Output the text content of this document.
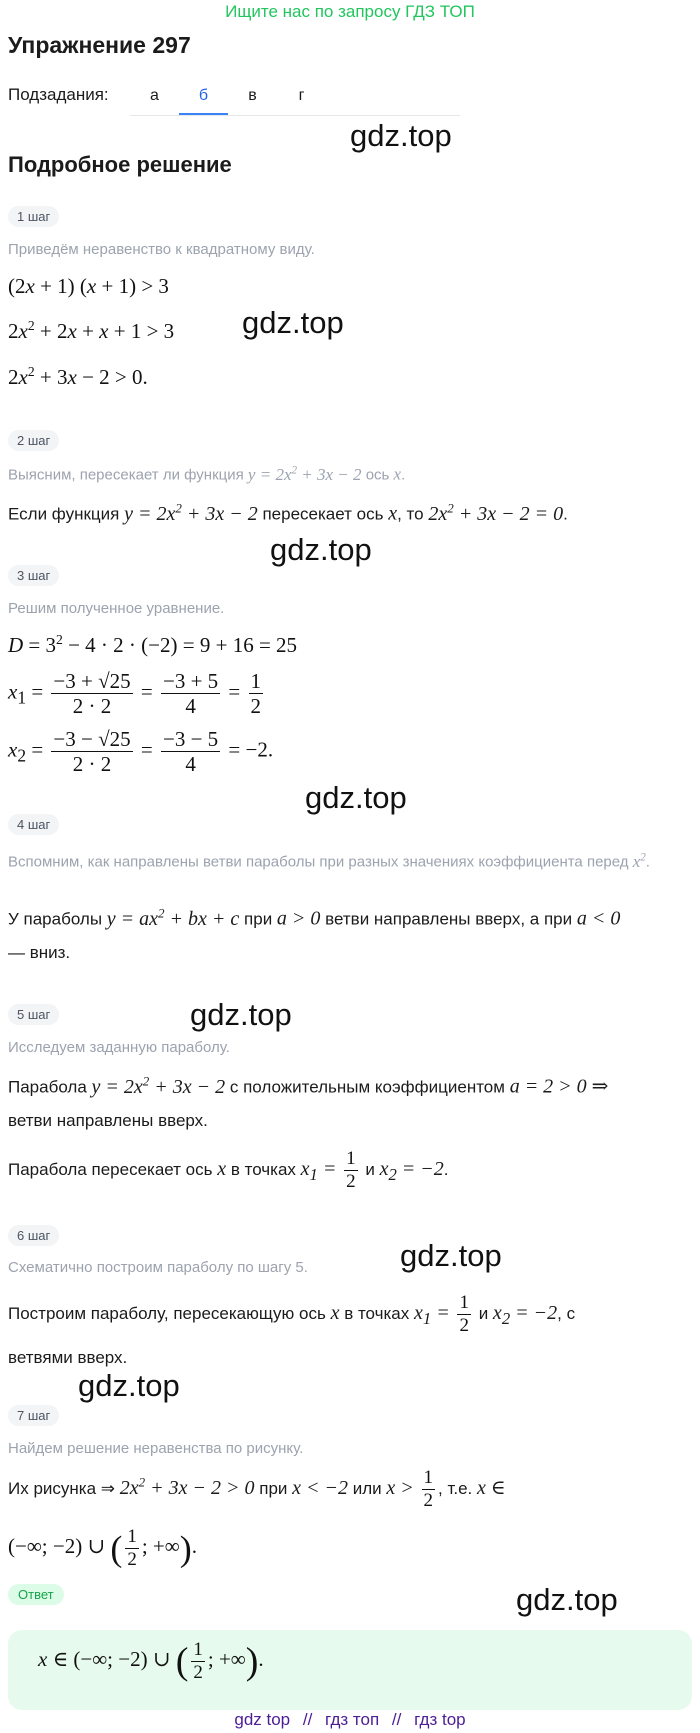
Ищите нас по запросу ГДЗ ТОП
Упражнение 297
Подзадания:	а	б	в	г
gdz.top
Подробное решение
1 шаг
Приведём неравенство к квадратному виду.
(2x + 1) (x + 1) > 3
$2x^2 + 2x + x + 1 > 3$ gdz.top
$2x^2 + 3x - 2 > 0$.
2 шаг
Выясним, пересекает ли функция $y = 2x^2 + 3x - 2$ ось x.
Если функция $y = 2x^2 + 3x - 2$ пересекает ось x, то $2x^2 + 3x - 2 = 0$.
gdz.top
3 шаг
Решим полученное уравнение.
$D = 3^2 - 4 \cdot 2 \cdot (-2) = 9 + 16 = 25$
$x_1 = \frac{-3 + √25}{2 \cdot 2} = \frac{-3 + 5}{4} = \frac{1}{2}$
$x_2 = \frac{-3 - √25}{2 \cdot 2} = \frac{-3 - 5}{4} = -2$.
gdz.top
4 шаг
Вспомним, как направлены ветви параболы при разных значениях коэффициента перед $x^2$.
У параболы $y = ax^2$ + bx + c при a > 0 ветви направлены вверх, а при a < 0
— вниз.
gdz.top
5 шаг
Исследуем заданную параболу.
Парабола $y = 2x^2 + 3x - 2$ с положительным коэффициентом a = 2 > 0 ⇒
ветви направлены вверх.
Парабола пересекает ось x в точках $x_1 = \frac{1}{2}$ и $x_2 = -2$.
6 шаг
Схематично построим параболу по шагу 5.	gdz.top
Построим параболу, пересекающую ось x в точках $x_1 = \frac{1}{2}$ и $x_2 = -2$, с
ветвями вверх.
gdz.top
7 шаг
Найдем решение неравенства по рисунку.
Их рисунка ⇒ $2x^2 + 3x - 2 > 0$ при x < −2 или $x > \frac{1}{2}$ , т.е. x ∈
(−∞; −2) ∪ ( $\frac{1}{2}$ ; +∞).
Ответ	gdz.top
x ∈ (−∞; −2) ∪ ( $\frac{1}{2}$ ; +∞).
gdz top // гдз топ // гдз top
